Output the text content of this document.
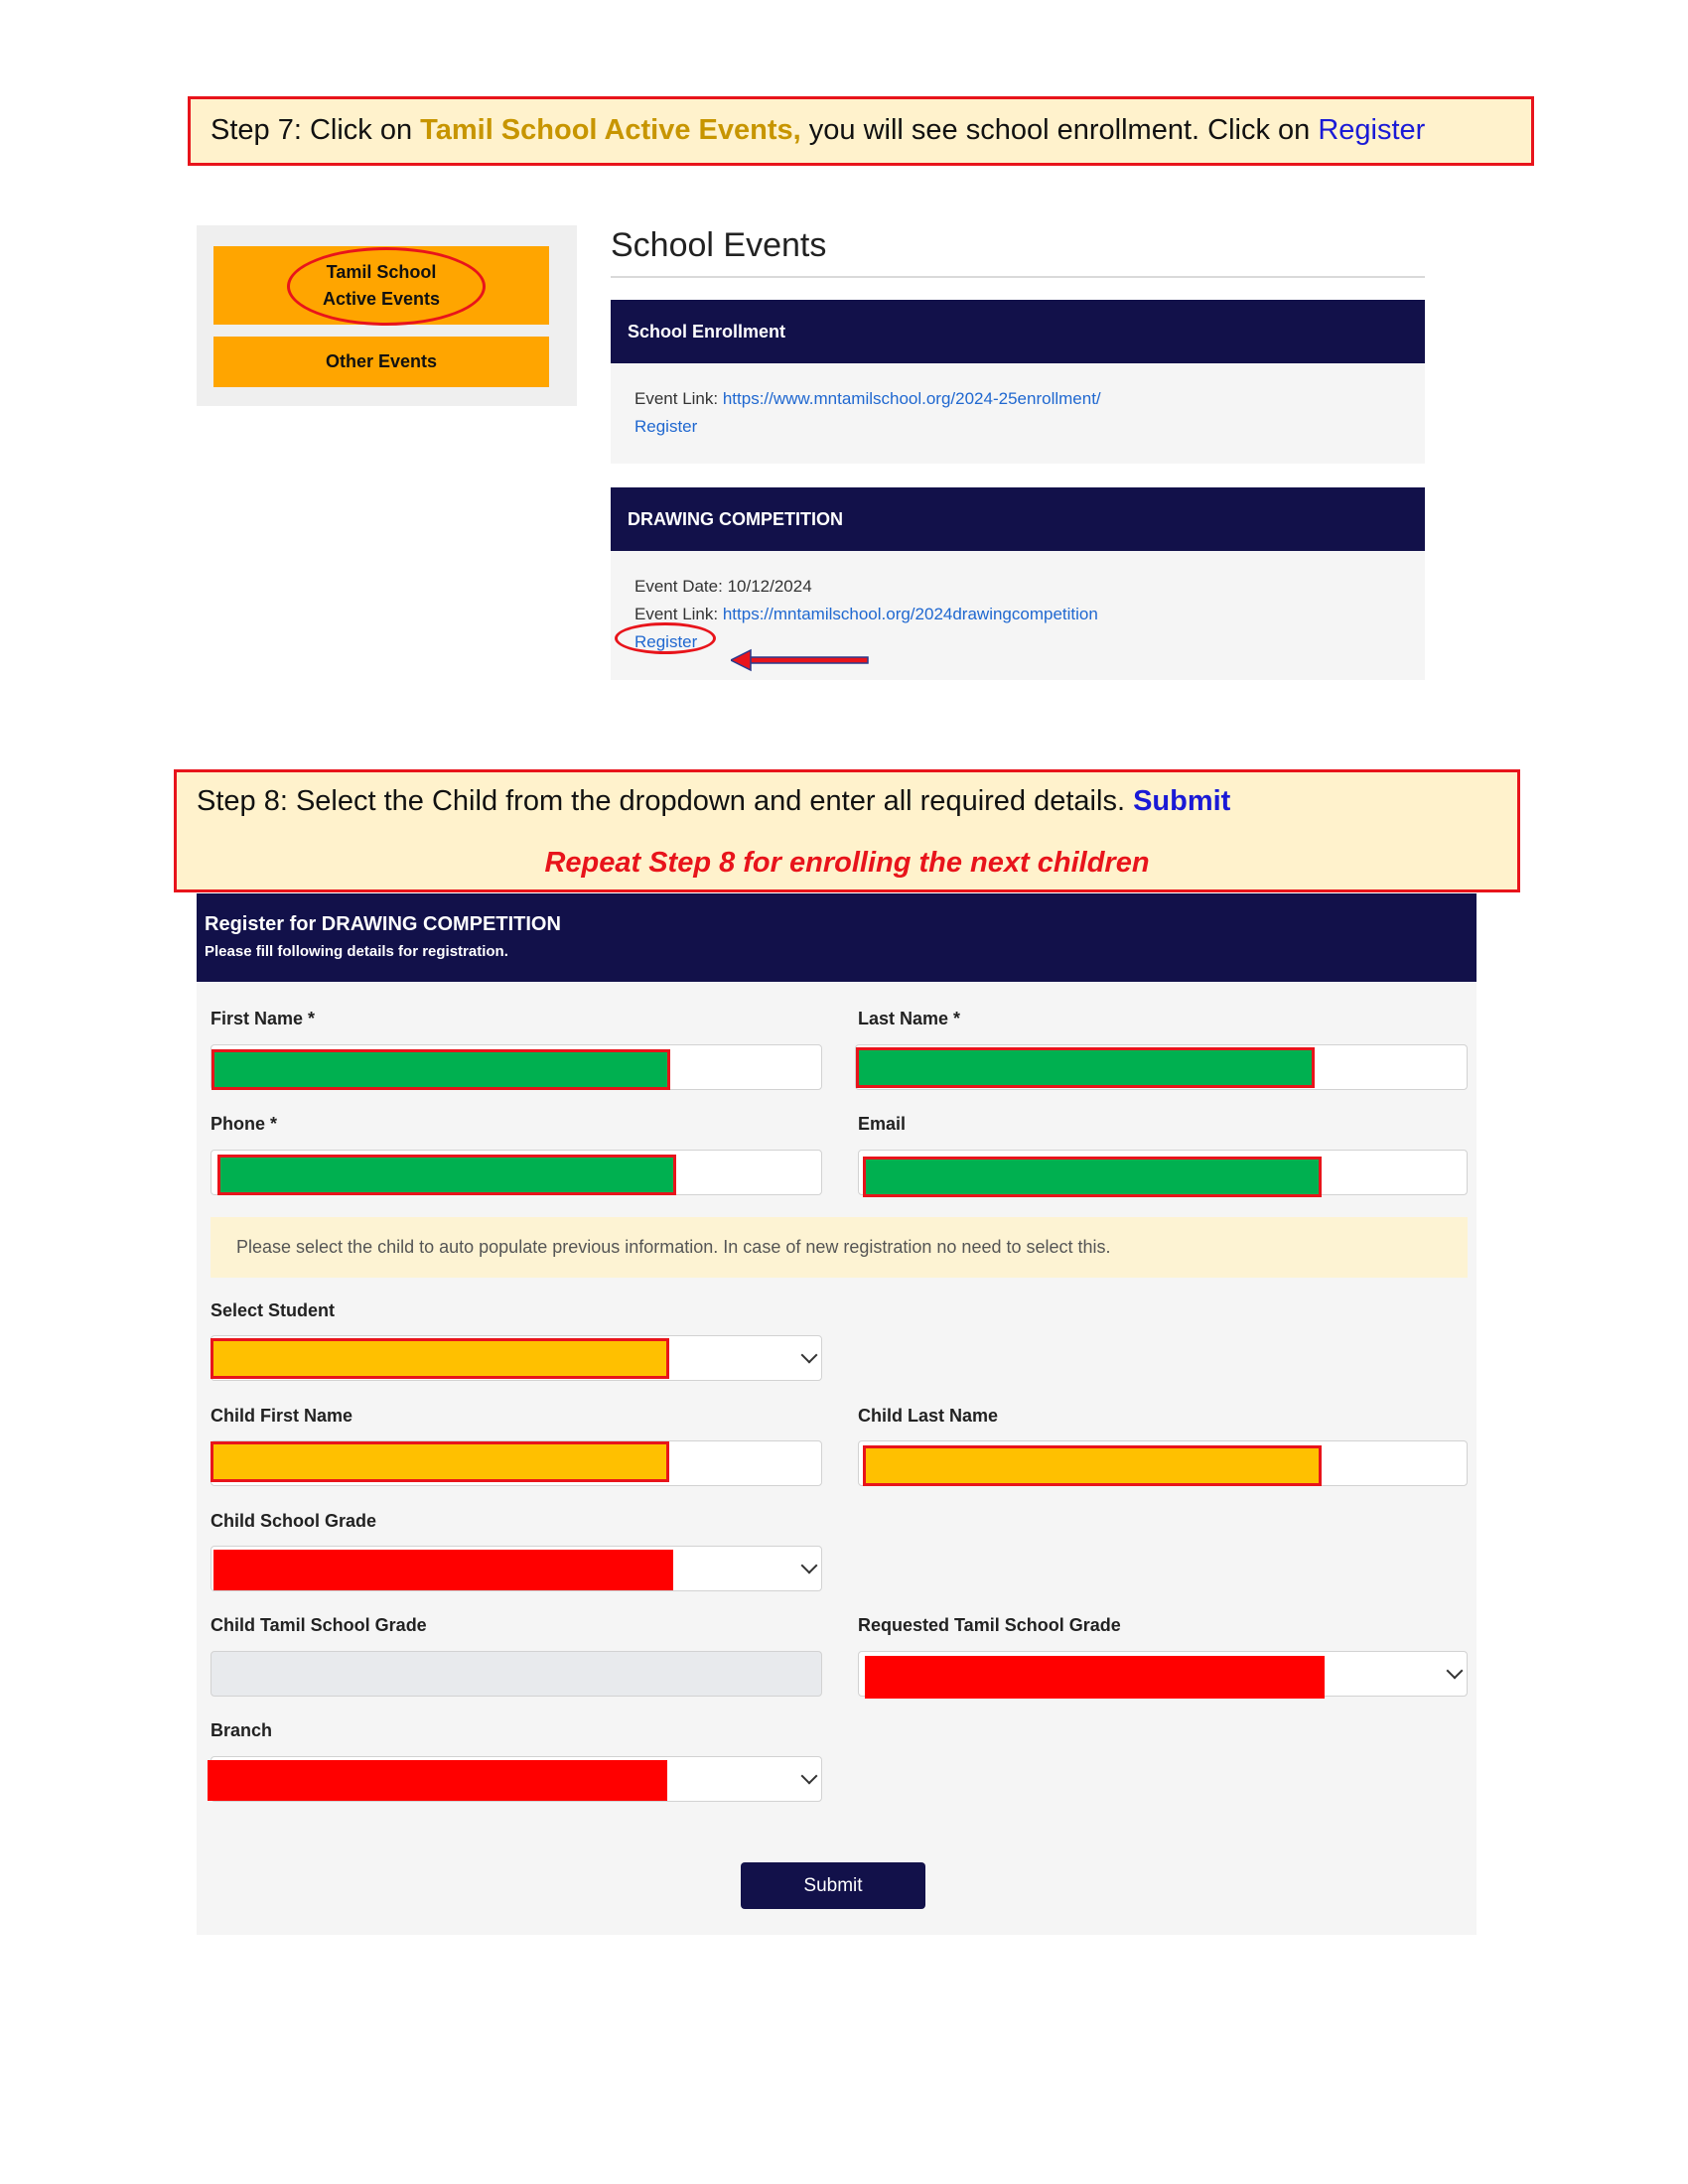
Step 7: Click on Tamil School Active Events, you will see school enrollment. Click on Register
Tamil School
Active Events
Other Events
School Events
School Enrollment
Event Link: https://www.mntamilschool.org/2024-25enrollment/
Register
DRAWING COMPETITION
Event Date: 10/12/2024
Event Link: https://mntamilschool.org/2024drawingcompetition
Register
Step 8: Select the Child from the dropdown and enter all required details. Submit
Repeat Step 8 for enrolling the next children
Register for DRAWING COMPETITION
Please fill following details for registration.
First Name *	Last Name *
Phone *	Email
Please select the child to auto populate previous information. In case of new registration no need to select this.
Select Student
Child First Name	Child Last Name
Child School Grade
Child Tamil School Grade	Requested Tamil School Grade
Branch
Submit
